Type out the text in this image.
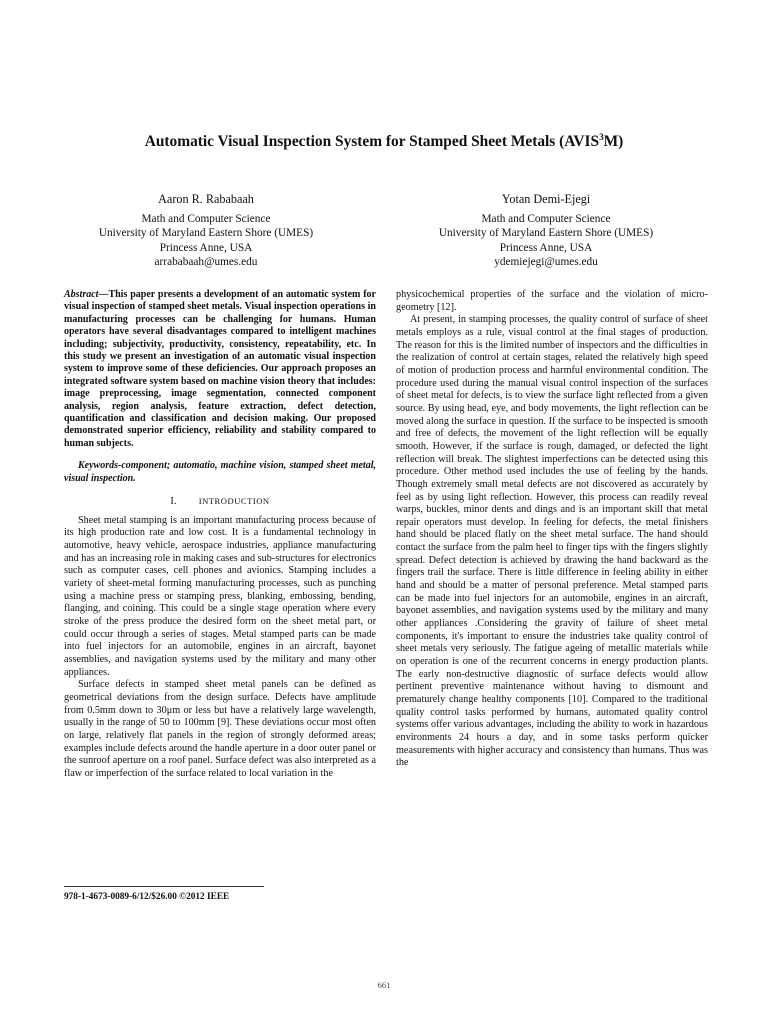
Automatic Visual Inspection System for Stamped Sheet Metals (AVIS$^3$M)
Aaron R. Rababaah
Math and Computer Science
University of Maryland Eastern Shore (UMES)
Princess Anne, USA
arrababaah@umes.edu
Yotan Demi-Ejegi
Math and Computer Science
University of Maryland Eastern Shore (UMES)
Princess Anne, USA
ydemiejegi@umes.edu

Abstract—This paper presents a development of an automatic system for visual inspection of stamped sheet metals. Visual inspection operations in manufacturing processes can be challenging for humans. Human operators have several disadvantages compared to intelligent machines including; subjectivity, productivity, consistency, repeatability, etc. In this study we present an investigation of an automatic visual inspection system to improve some of these deficiencies. Our approach proposes an integrated software system based on machine vision theory that includes: image preprocessing, image segmentation, connected component analysis, region analysis, feature extraction, defect detection, quantification and classification and decision making. Our proposed demonstrated superior efficiency, reliability and stability compared to human subjects.

Keywords-component; automatio, machine vision, stamped sheet metal, visual inspection.

I.	INTRODUCTION

Sheet metal stamping is an important manufacturing process because of its high production rate and low cost. It is a fundamental technology in automotive, heavy vehicle, aerospace industries, appliance manufacturing and has an increasing role in making cases and sub-structures for electronics such as computer cases, cell phones and avionics. Stamping includes a variety of sheet-metal forming manufacturing processes, such as punching using a machine press or stamping press, blanking, embossing, bending, flanging, and coining. This could be a single stage operation where every stroke of the press produce the desired form on the sheet metal part, or could occur through a series of stages. Metal stamped parts can be made into fuel injectors for an automobile, engines in an aircraft, bayonet assemblies, and navigation systems used by the military and many other appliances.

Surface defects in stamped sheet metal panels can be defined as geometrical deviations from the design surface. Defects have amplitude from 0.5mm down to 30μm or less but have a relatively large wavelength, usually in the range of 50 to 100mm [9]. These deviations occur most often on large, relatively flat panels in the region of strongly deformed areas; examples include defects around the handle aperture in a door outer panel or the sunroof aperture on a roof panel. Surface defect was also interpreted as a flaw or imperfection of the surface related to local variation in the

physicochemical properties of the surface and the violation of micro-geometry [12].

At present, in stamping processes, the quality control of surface of sheet metals employs as a rule, visual control at the final stages of production. The reason for this is the limited number of inspectors and the difficulties in the realization of control at certain stages, related the relatively high speed of motion of production process and harmful environmental condition. The procedure used during the manual visual control inspection of the surfaces of sheet metal for defects, is to view the surface light reflected from a given source. By using head, eye, and body movements, the light reflection can be moved along the surface in question. If the surface to be inspected is smooth and free of defects, the movement of the light reflection will be equally smooth. However, if the surface is rough, damaged, or defected the light reflection will break. The slightest imperfections can be detected using this procedure. Other method used includes the use of feeling by the hands. Though extremely small metal defects are not discovered as accurately by feel as by using light reflection. However, this process can readily reveal warps, buckles, minor dents and dings and is an important skill that metal repair operators must develop. In feeling for defects, the metal finishers hand should be placed flatly on the sheet metal surface. The hand should contact the surface from the palm heel to finger tips with the fingers slightly spread. Defect detection is achieved by drawing the hand backward as the fingers trail the surface. There is little difference in feeling ability in either hand and should be a matter of personal preference. Metal stamped parts can be made into fuel injectors for an automobile, engines in an aircraft, bayonet assemblies, and navigation systems used by the military and many other appliances .Considering the gravity of failure of sheet metal components, it's important to ensure the industries take quality control of sheet metals very seriously. The fatigue ageing of metallic materials while on operation is one of the recurrent concerns in energy production plants. The early non-destructive diagnostic of surface defects would allow pertinent preventive maintenance without having to dismount and prematurely change healthy components [10]. Compared to the traditional quality control tasks performed by humans, automated quality control systems offer various advantages, including the ability to work in hazardous environments 24 hours a day, and in some tasks perform quicker measurements with higher accuracy and consistency than humans. Thus was the

978-1-4673-0089-6/12/$26.00 ©2012 IEEE
661
